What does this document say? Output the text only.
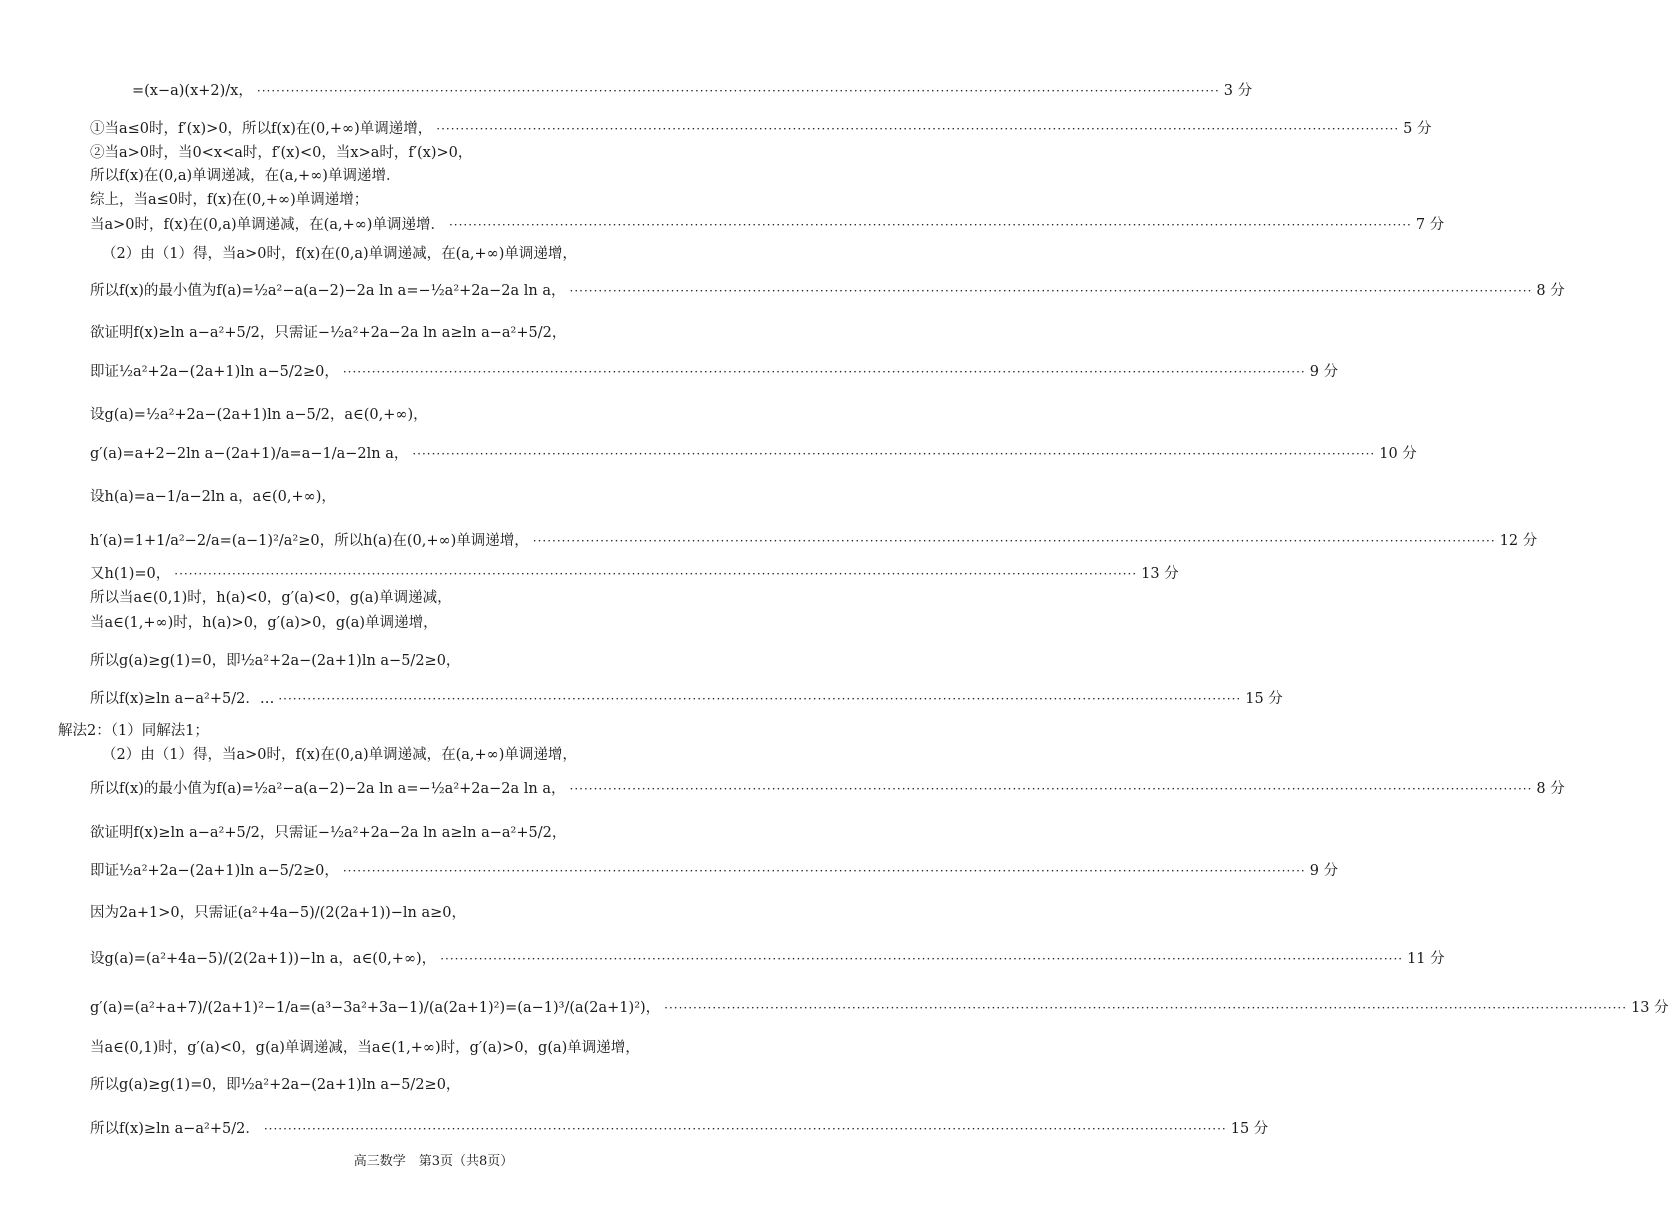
=(x−a)(x+2)/x， ········································································································································································································ 3 分
①当a≤0时，f′(x)>0，所以f(x)在(0,+∞)单调递增， ········································································································································································································ 5 分
②当a>0时，当0<x<a时，f′(x)<0，当x>a时，f′(x)>0，
所以f(x)在(0,a)单调递减，在(a,+∞)单调递增．
综上，当a≤0时，f(x)在(0,+∞)单调递增；
当a>0时，f(x)在(0,a)单调递减，在(a,+∞)单调递增． ········································································································································································································ 7 分
（2）由（1）得，当a>0时，f(x)在(0,a)单调递减，在(a,+∞)单调递增，
所以f(x)的最小值为f(a)=½a²−a(a−2)−2a ln a=−½a²+2a−2a ln a， ········································································································································································································ 8 分
欲证明f(x)≥ln a−a²+5/2，只需证−½a²+2a−2a ln a≥ln a−a²+5/2，
即证½a²+2a−(2a+1)ln a−5/2≥0， ········································································································································································································ 9 分
设g(a)=½a²+2a−(2a+1)ln a−5/2，a∈(0,+∞)，
g′(a)=a+2−2ln a−(2a+1)/a=a−1/a−2ln a， ········································································································································································································ 10 分
设h(a)=a−1/a−2ln a，a∈(0,+∞)，
h′(a)=1+1/a²−2/a=(a−1)²/a²≥0，所以h(a)在(0,+∞)单调递增， ········································································································································································································ 12 分
又h(1)=0， ········································································································································································································ 13 分
所以当a∈(0,1)时，h(a)<0，g′(a)<0，g(a)单调递减，
当a∈(1,+∞)时，h(a)>0，g′(a)>0，g(a)单调递增，
所以g(a)≥g(1)=0，即½a²+2a−(2a+1)ln a−5/2≥0，
所以f(x)≥ln a−a²+5/2．… ········································································································································································································ 15 分
解法2：（1）同解法1；
（2）由（1）得，当a>0时，f(x)在(0,a)单调递减，在(a,+∞)单调递增，
所以f(x)的最小值为f(a)=½a²−a(a−2)−2a ln a=−½a²+2a−2a ln a， ········································································································································································································ 8 分
欲证明f(x)≥ln a−a²+5/2，只需证−½a²+2a−2a ln a≥ln a−a²+5/2，
即证½a²+2a−(2a+1)ln a−5/2≥0， ········································································································································································································ 9 分
因为2a+1>0，只需证(a²+4a−5)/(2(2a+1))−ln a≥0，
设g(a)=(a²+4a−5)/(2(2a+1))−ln a，a∈(0,+∞)， ········································································································································································································ 11 分
g′(a)=(a²+a+7)/(2a+1)²−1/a=(a³−3a²+3a−1)/(a(2a+1)²)=(a−1)³/(a(2a+1)²)， ········································································································································································································ 13 分
当a∈(0,1)时，g′(a)<0，g(a)单调递减，当a∈(1,+∞)时，g′(a)>0，g(a)单调递增，
所以g(a)≥g(1)=0，即½a²+2a−(2a+1)ln a−5/2≥0，
所以f(x)≥ln a−a²+5/2． ········································································································································································································ 15 分
高三数学　第3页（共8页）
